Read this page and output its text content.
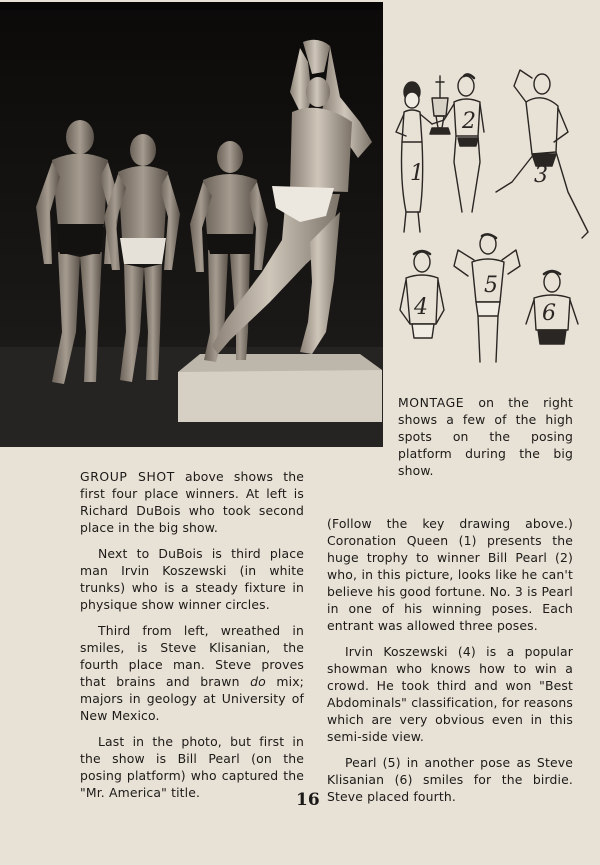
1
2
3
4
5
6

MONTAGE on the right shows a few of the high spots on the posing platform during the big show.

GROUP SHOT above shows the first four place winners. At left is Richard DuBois who took second place in the big show.

Next to DuBois is third place man Irvin Koszewski (in white trunks) who is a steady fixture in physique show winner circles.

Third from left, wreathed in smiles, is Steve Klisanian, the fourth place man. Steve proves that brains and brawn do mix; majors in geology at University of New Mexico.

Last in the photo, but first in the show is Bill Pearl (on the posing platform) who captured the "Mr. America" title.

(Follow the key drawing above.) Coronation Queen (1) presents the huge trophy to winner Bill Pearl (2) who, in this picture, looks like he can't believe his good fortune. No. 3 is Pearl in one of his winning poses. Each entrant was allowed three poses.

Irvin Koszewski (4) is a popular showman who knows how to win a crowd. He took third and won "Best Abdominals" classification, for reasons which are very obvious even in this semi-side view.

Pearl (5) in another pose as Steve Klisanian (6) smiles for the birdie. Steve placed fourth.

16
